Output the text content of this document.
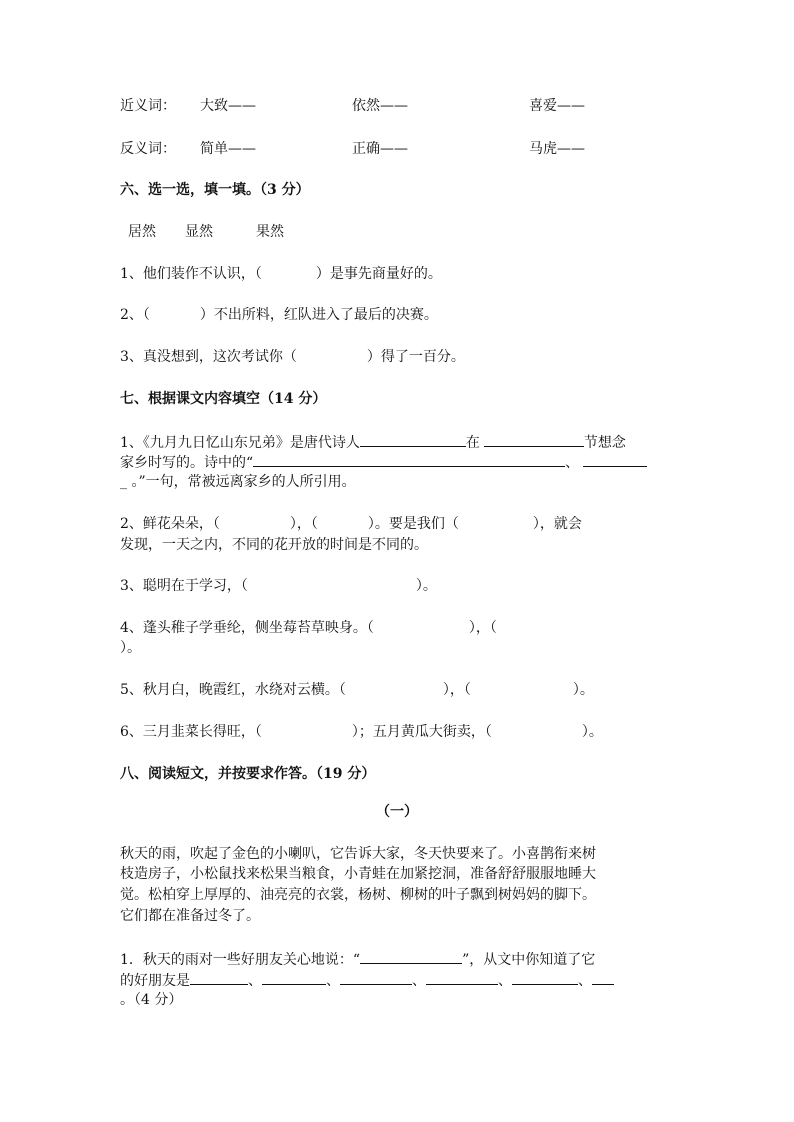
近义词： 大致——	依然——	喜爱——
反义词： 简单——	正确——	马虎——
六、选一选，填一填。（3 分）
居然 显然	果然
1、他们装作不认识，（	）是事先商量好的。
2、（	）不出所料，红队进入了最后的决赛。
3、真没想到，这次考试你（	）得了一百分。
七、根据课文内容填空（14 分）
1、《九月九日忆山东兄弟》是唐代诗人	在	节想念
家乡时写的。诗中的“	、
_ 。”一句，常被远离家乡的人所引用。
2、鲜花朵朵，（	），（	）。要是我们（	），就会
发现，一天之内，不同的花开放的时间是不同的。
3、聪明在于学习，（	）。
4、蓬头稚子学垂纶，侧坐莓苔草映身。（	），（
）。
5、秋月白，晚霞红，水绕对云横。（	），（	）。
6、三月韭菜长得旺，（	）；五月黄瓜大街卖，（	）。
八、阅读短文，并按要求作答。（19 分）
（一）
秋天的雨，吹起了金色的小喇叭，它告诉大家，冬天快要来了。小喜鹊衔来树
枝造房子，小松鼠找来松果当粮食，小青蛙在加紧挖洞，准备舒舒服服地睡大
觉。松柏穿上厚厚的、油亮亮的衣裳，杨树、柳树的叶子飘到树妈妈的脚下。
它们都在准备过冬了。
1．秋天的雨对一些好朋友关心地说：“	”，从文中你知道了它
的好朋友是	、	、	、	、	、
。（4 分）
